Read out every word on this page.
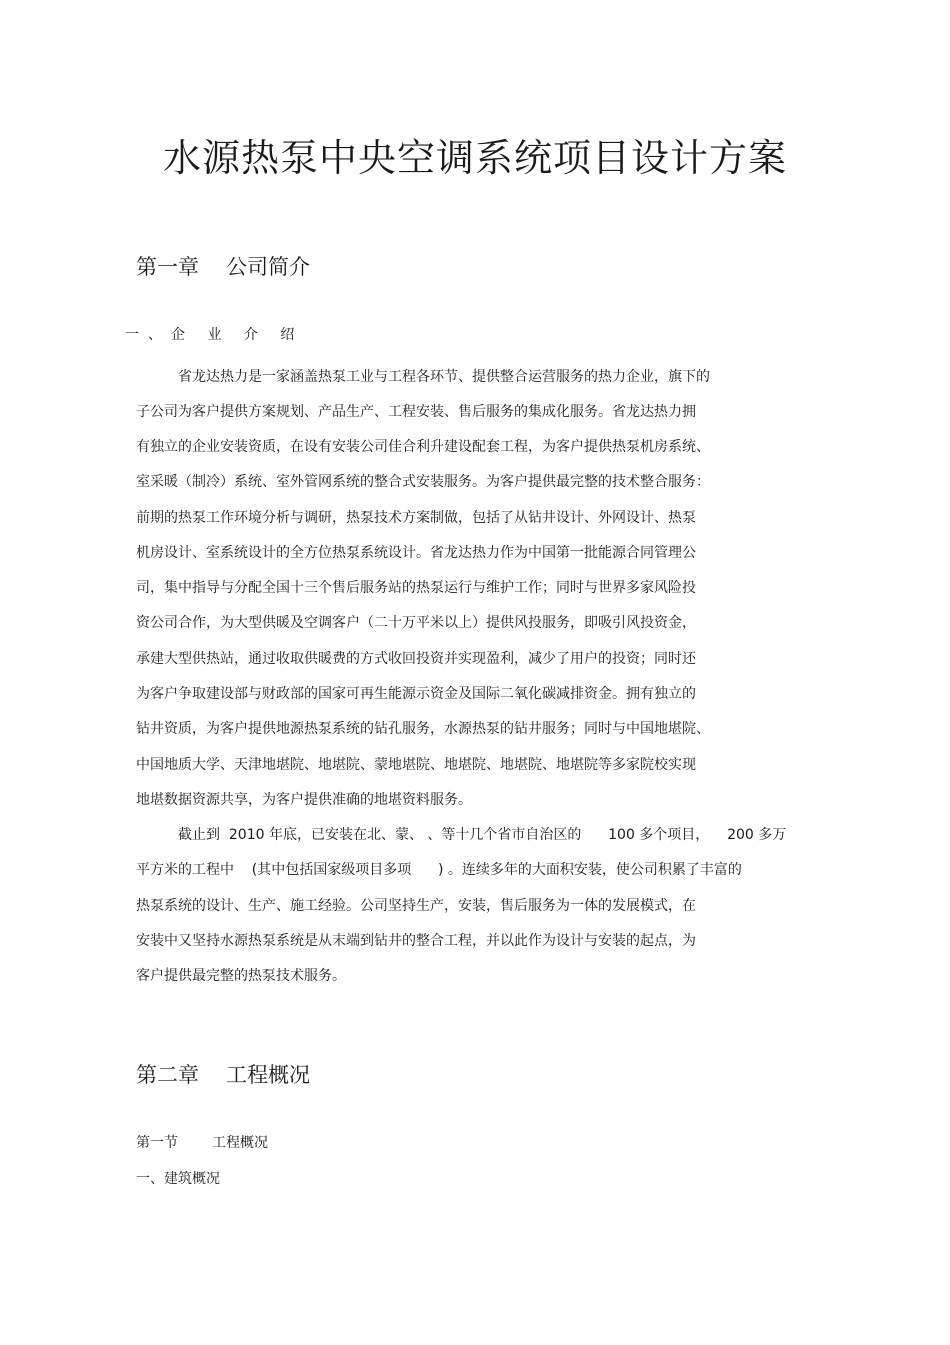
水源热泵中央空调系统项目设计方案
第一章 公司简介
一、企 业 介 绍
省龙达热力是一家涵盖热泵工业与工程各环节、提供整合运营服务的热力企业，旗下的
子公司为客户提供方案规划、产品生产、工程安装、售后服务的集成化服务。省龙达热力拥
有独立的企业安装资质，在设有安装公司佳合利升建设配套工程，为客户提供热泵机房系统、
室采暖（制冷）系统、室外管网系统的整合式安装服务。为客户提供最完整的技术整合服务：
前期的热泵工作环境分析与调研，热泵技术方案制做，包括了从钻井设计、外网设计、热泵
机房设计、室系统设计的全方位热泵系统设计。省龙达热力作为中国第一批能源合同管理公
司，集中指导与分配全国十三个售后服务站的热泵运行与维护工作；同时与世界多家风险投
资公司合作，为大型供暖及空调客户（二十万平米以上）提供风投服务，即吸引风投资金，
承建大型供热站，通过收取供暖费的方式收回投资并实现盈利，减少了用户的投资；同时还
为客户争取建设部与财政部的国家可再生能源示资金及国际二氧化碳减排资金。拥有独立的
钻井资质，为客户提供地源热泵系统的钻孔服务，水源热泵的钻井服务；同时与中国地堪院、
中国地质大学、天津地堪院、地堪院、蒙地堪院、地堪院、地堪院、地堪院等多家院校实现
地堪数据资源共享，为客户提供准确的地堪资料服务。
截止到  2010 年底，已安装在北、蒙、 、等十几个省市自治区的      100 多个项目，    200 多万
平方米的工程中    (其中包括国家级项目多项      ) 。连续多年的大面积安装，使公司积累了丰富的
热泵系统的设计、生产、施工经验。公司坚持生产，安装，售后服务为一体的发展模式，在
安装中又坚持水源热泵系统是从末端到钻井的整合工程，并以此作为设计与安装的起点，为
客户提供最完整的热泵技术服务。
第二章 工程概况
第一节 工程概况
一、建筑概况
